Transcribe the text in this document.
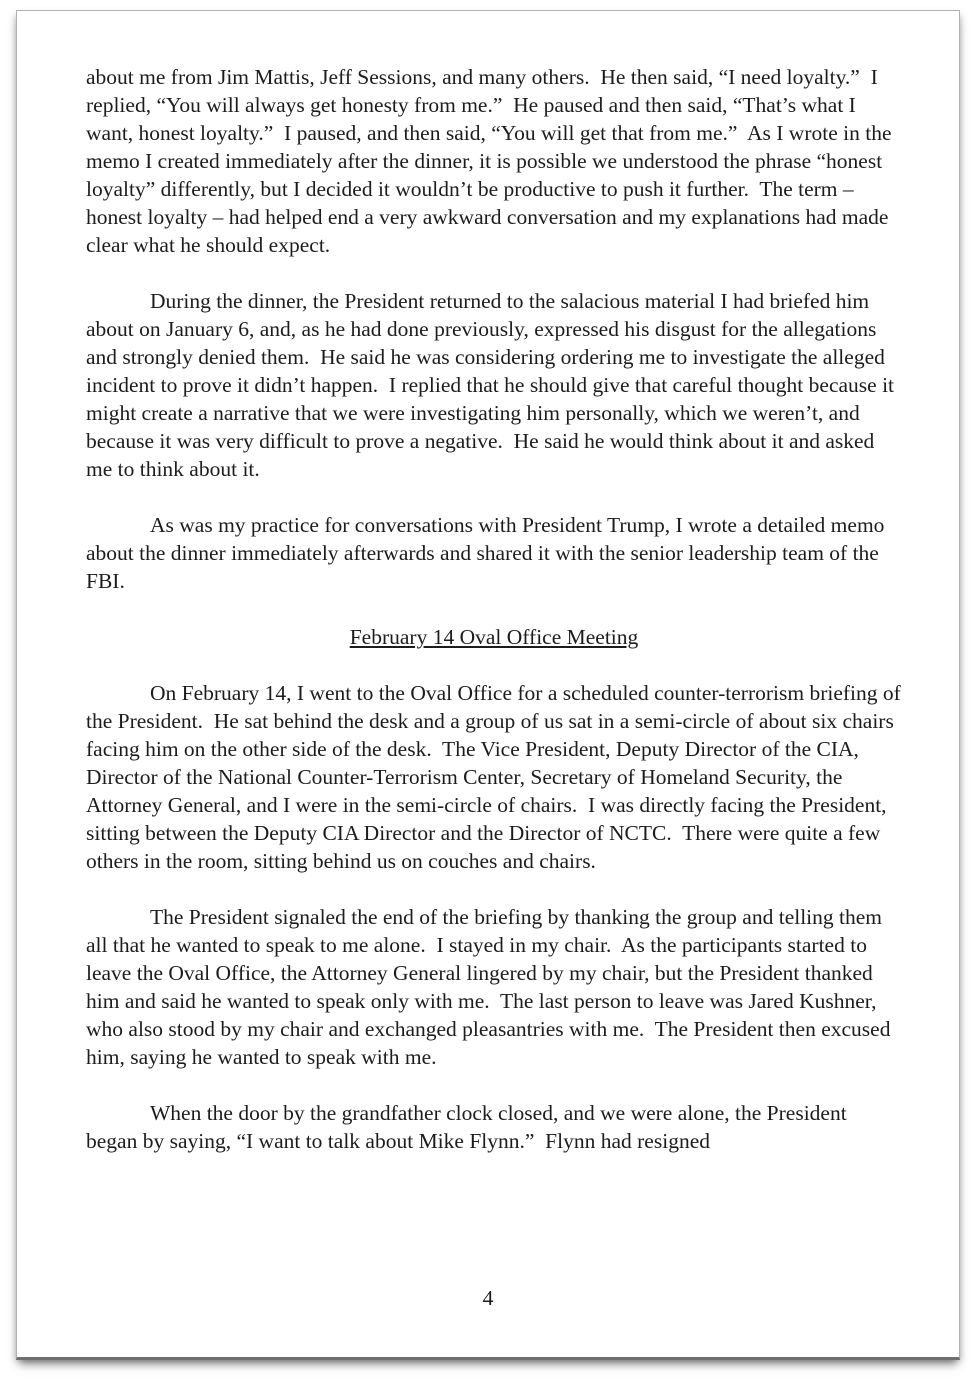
about me from Jim Mattis, Jeff Sessions, and many others.  He then said, “I need loyalty.”  I replied, “You will always get honesty from me.”  He paused and then said, “That’s what I want, honest loyalty.”  I paused, and then said, “You will get that from me.”  As I wrote in the memo I created immediately after the dinner, it is possible we understood the phrase “honest loyalty” differently, but I decided it wouldn’t be productive to push it further.  The term – honest loyalty – had helped end a very awkward conversation and my explanations had made clear what he should expect.

During the dinner, the President returned to the salacious material I had briefed him about on January 6, and, as he had done previously, expressed his disgust for the allegations and strongly denied them.  He said he was considering ordering me to investigate the alleged incident to prove it didn’t happen.  I replied that he should give that careful thought because it might create a narrative that we were investigating him personally, which we weren’t, and because it was very difficult to prove a negative.  He said he would think about it and asked me to think about it.

As was my practice for conversations with President Trump, I wrote a detailed memo about the dinner immediately afterwards and shared it with the senior leadership team of the FBI.

February 14 Oval Office Meeting

On February 14, I went to the Oval Office for a scheduled counter-terrorism briefing of the President.  He sat behind the desk and a group of us sat in a semi-circle of about six chairs facing him on the other side of the desk.  The Vice President, Deputy Director of the CIA, Director of the National Counter-Terrorism Center, Secretary of Homeland Security, the Attorney General, and I were in the semi-circle of chairs.  I was directly facing the President, sitting between the Deputy CIA Director and the Director of NCTC.  There were quite a few others in the room, sitting behind us on couches and chairs.

The President signaled the end of the briefing by thanking the group and telling them all that he wanted to speak to me alone.  I stayed in my chair.  As the participants started to leave the Oval Office, the Attorney General lingered by my chair, but the President thanked him and said he wanted to speak only with me.  The last person to leave was Jared Kushner, who also stood by my chair and exchanged pleasantries with me.  The President then excused him, saying he wanted to speak with me.

When the door by the grandfather clock closed, and we were alone, the President began by saying, “I want to talk about Mike Flynn.”  Flynn had resigned

4
